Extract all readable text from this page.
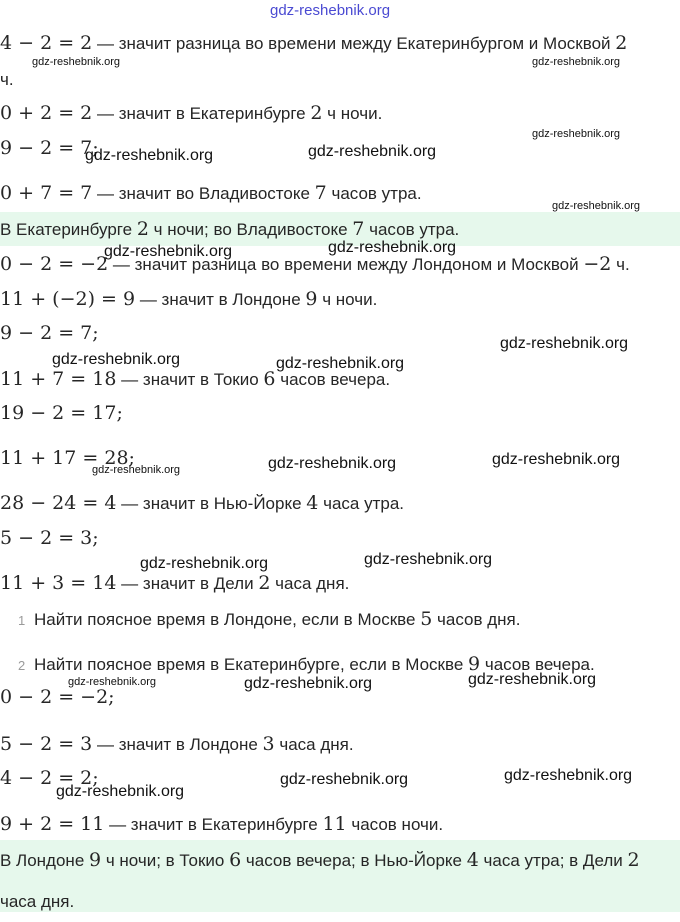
4 − 2 = 2 — значит разница во времени между Екатеринбургом и Москвой 2
ч.
0 + 2 = 2 — значит в Екатеринбурге 2 ч ночи.
9 − 2 = 7;
0 + 7 = 7 — значит во Владивостоке 7 часов утра.
В Екатеринбурге 2 ч ночи; во Владивостоке 7 часов утра.
0 − 2 = −2 — значит разница во времени между Лондоном и Москвой −2 ч.
11 + (−2) = 9 — значит в Лондоне 9 ч ночи.
9 − 2 = 7;
11 + 7 = 18 — значит в Токио 6 часов вечера.
19 − 2 = 17;
11 + 17 = 28;
28 − 24 = 4 — значит в Нью-Йорке 4 часа утра.
5 − 2 = 3;
11 + 3 = 14 — значит в Дели 2 часа дня.
1 Найти поясное время в Лондоне, если в Москве 5 часов дня.
2 Найти поясное время в Екатеринбурге, если в Москве 9 часов вечера.
0 − 2 = −2;
5 − 2 = 3 — значит в Лондоне 3 часа дня.
4 − 2 = 2;
9 + 2 = 11 — значит в Екатеринбурге 11 часов ночи.
В Лондоне 9 ч ночи; в Токио 6 часов вечера; в Нью-Йорке 4 часа утра; в Дели 2 часа дня.
gdz-reshebnik.org
gdz-reshebnik.org	gdz-reshebnik.org
gdz-reshebnik.org
gdz-reshebnik.org	gdz-reshebnik.org
gdz-reshebnik.org
gdz-reshebnik.org	gdz-reshebnik.org
gdz-reshebnik.org
gdz-reshebnik.org	gdz-reshebnik.org
gdz-reshebnik.org	gdz-reshebnik.org	gdz-reshebnik.org
gdz-reshebnik.org	gdz-reshebnik.org
gdz-reshebnik.org	gdz-reshebnik.org	gdz-reshebnik.org
gdz-reshebnik.org	gdz-reshebnik.org
gdz-reshebnik.org
